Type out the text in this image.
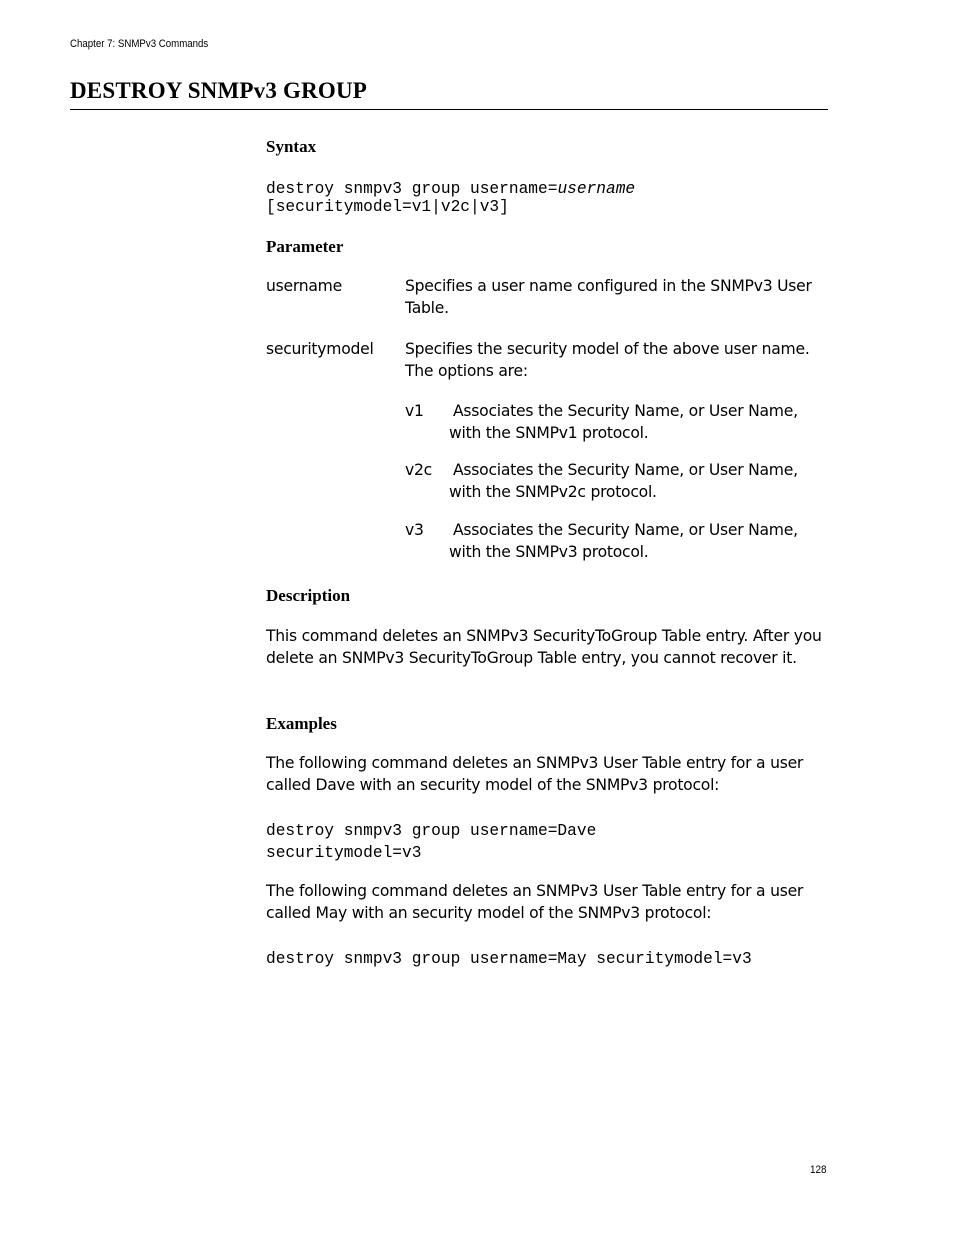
Chapter 7: SNMPv3 Commands
DESTROY SNMPv3 GROUP
Syntax
destroy snmpv3 group username=username
[securitymodel=v1|v2c|v3]
Parameter
username	Specifies a user name configured in the SNMPv3 User Table.
securitymodel Specifies the security model of the above user name. The options are:
v1 Associates the Security Name, or User Name, with the SNMPv1 protocol.
v2c Associates the Security Name, or User Name, with the SNMPv2c protocol.
v3 Associates the Security Name, or User Name, with the SNMPv3 protocol.
Description
This command deletes an SNMPv3 SecurityToGroup Table entry. After you delete an SNMPv3 SecurityToGroup Table entry, you cannot recover it.
Examples
The following command deletes an SNMPv3 User Table entry for a user called Dave with an security model of the SNMPv3 protocol:
destroy snmpv3 group username=Dave
securitymodel=v3
The following command deletes an SNMPv3 User Table entry for a user called May with an security model of the SNMPv3 protocol:
destroy snmpv3 group username=May securitymodel=v3
128
